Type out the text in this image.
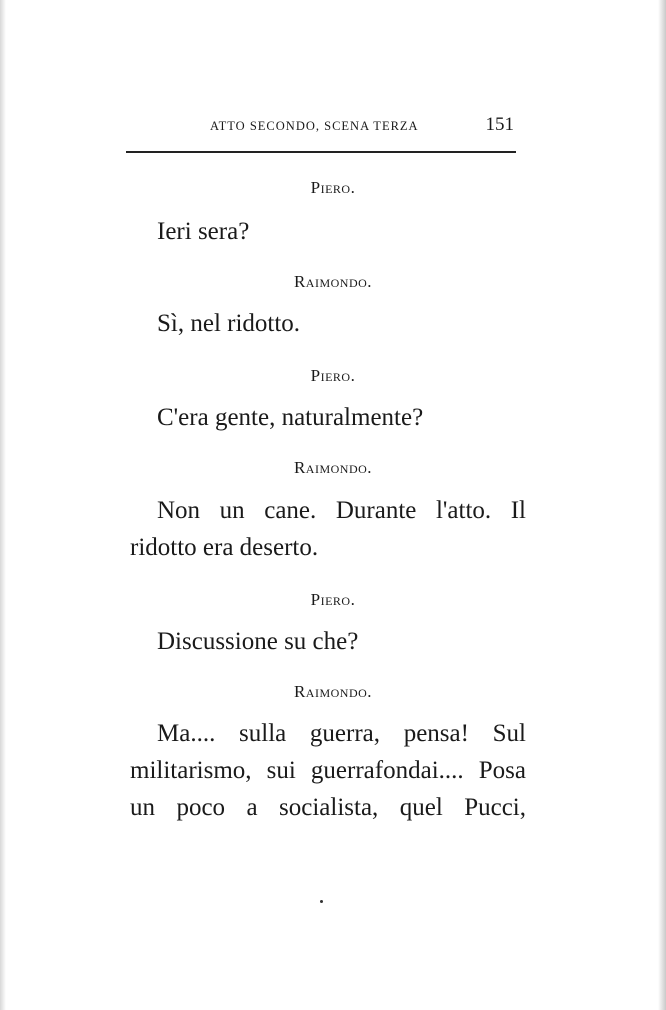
ATTO SECONDO, SCENA TERZA	151
Piero.
Ieri sera?
Raimondo.
Sì, nel ridotto.
Piero.
C'era gente, naturalmente?
Raimondo.
Non un cane. Durante l'atto. Il
ridotto era deserto.
Piero.
Discussione su che?
Raimondo.
Ma.... sulla guerra, pensa! Sul
militarismo, sui guerrafondai.... Posa
un poco a socialista, quel Pucci,
